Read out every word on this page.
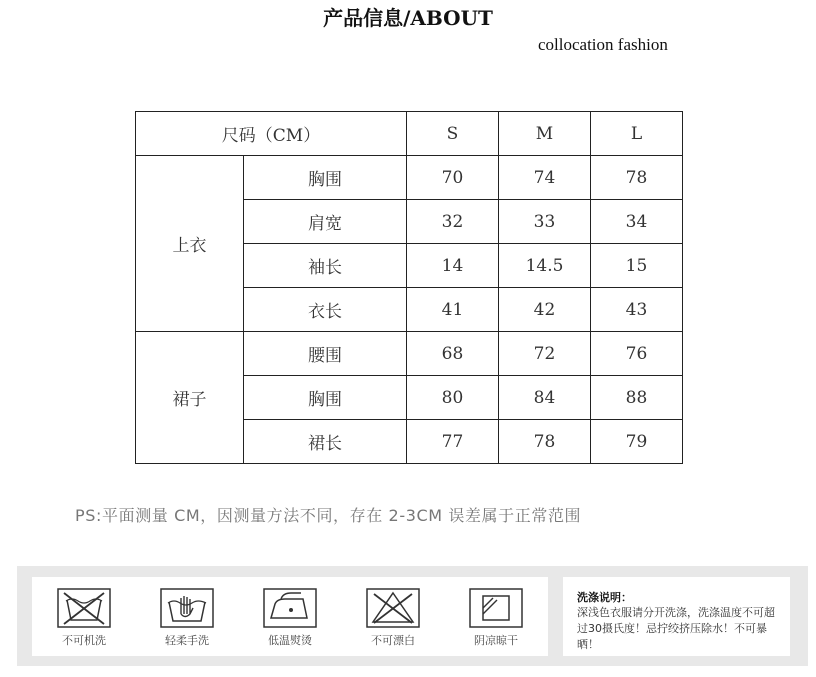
产品信息/ABOUT
collocation fashion
尺码（CM）		S	M	L
上衣	胸围	70	74	78
	肩宽	32	33	34
	袖长	14	14.5	15
	衣长	41	42	43
裙子	腰围	68	72	76
	胸围	80	84	88
	裙长	77	78	79
PS:平面测量 CM，因测量方法不同，存在 2-3CM 误差属于正常范围
不可机洗	轻柔手洗	低温熨烫	不可漂白	阴凉晾干
洗涤说明：
深浅色衣服请分开洗涤，洗涤温度不可超过30摄氏度！忌拧绞挤压除水！不可暴晒！
